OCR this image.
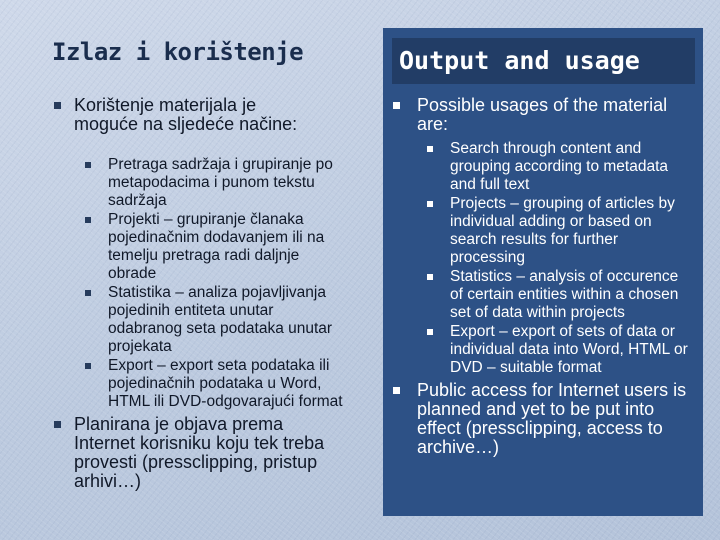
Izlaz i korištenje
Korištenje materijala je moguće na sljedeće načine:
Pretraga sadržaja i grupiranje po metapodacima i punom tekstu sadržaja
Projekti – grupiranje članaka pojedinačnim dodavanjem ili na temelju pretraga radi daljnje obrade
Statistika – analiza pojavljivanja pojedinih entiteta unutar odabranog seta podataka unutar projekata
Export – export seta podataka ili pojedinačnih podataka u Word, HTML ili DVD-odgovarajući format
Planirana je objava prema Internet korisniku koju tek treba provesti (pressclipping, pristup arhivi…)
Output and usage
Possible usages of the material are:
Search through content and grouping according to metadata and full text
Projects – grouping of articles by individual adding or based on search results for further processing
Statistics – analysis of occurence of certain entities within a chosen set of data within projects
Export – export of sets of data or individual data into Word, HTML or DVD – suitable format
Public access for Internet users is planned and yet to be put into effect (pressclipping, access to archive…)
